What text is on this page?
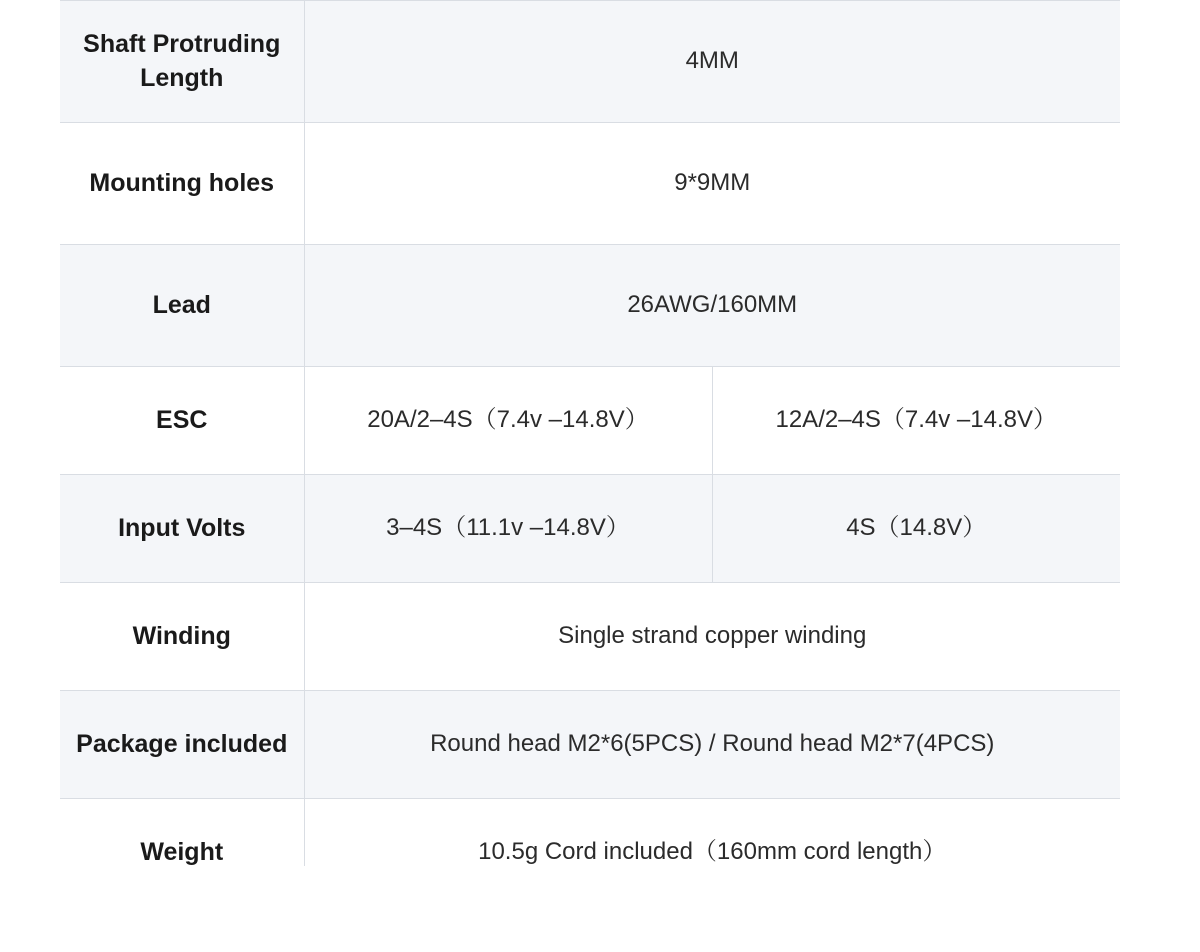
Shaft Protruding Length	4MM	
Mounting holes	9*9MM	
Lead	26AWG/160MM	
ESC	20A/2–4S（7.4v –14.8V）	12A/2–4S（7.4v –14.8V）
Input Volts	3–4S（11.1v –14.8V）	4S（14.8V）
Winding	Single strand copper winding	
Package included	Round head M2*6(5PCS) / Round head M2*7(4PCS)	
Weight	10.5g Cord included（160mm cord length）	
